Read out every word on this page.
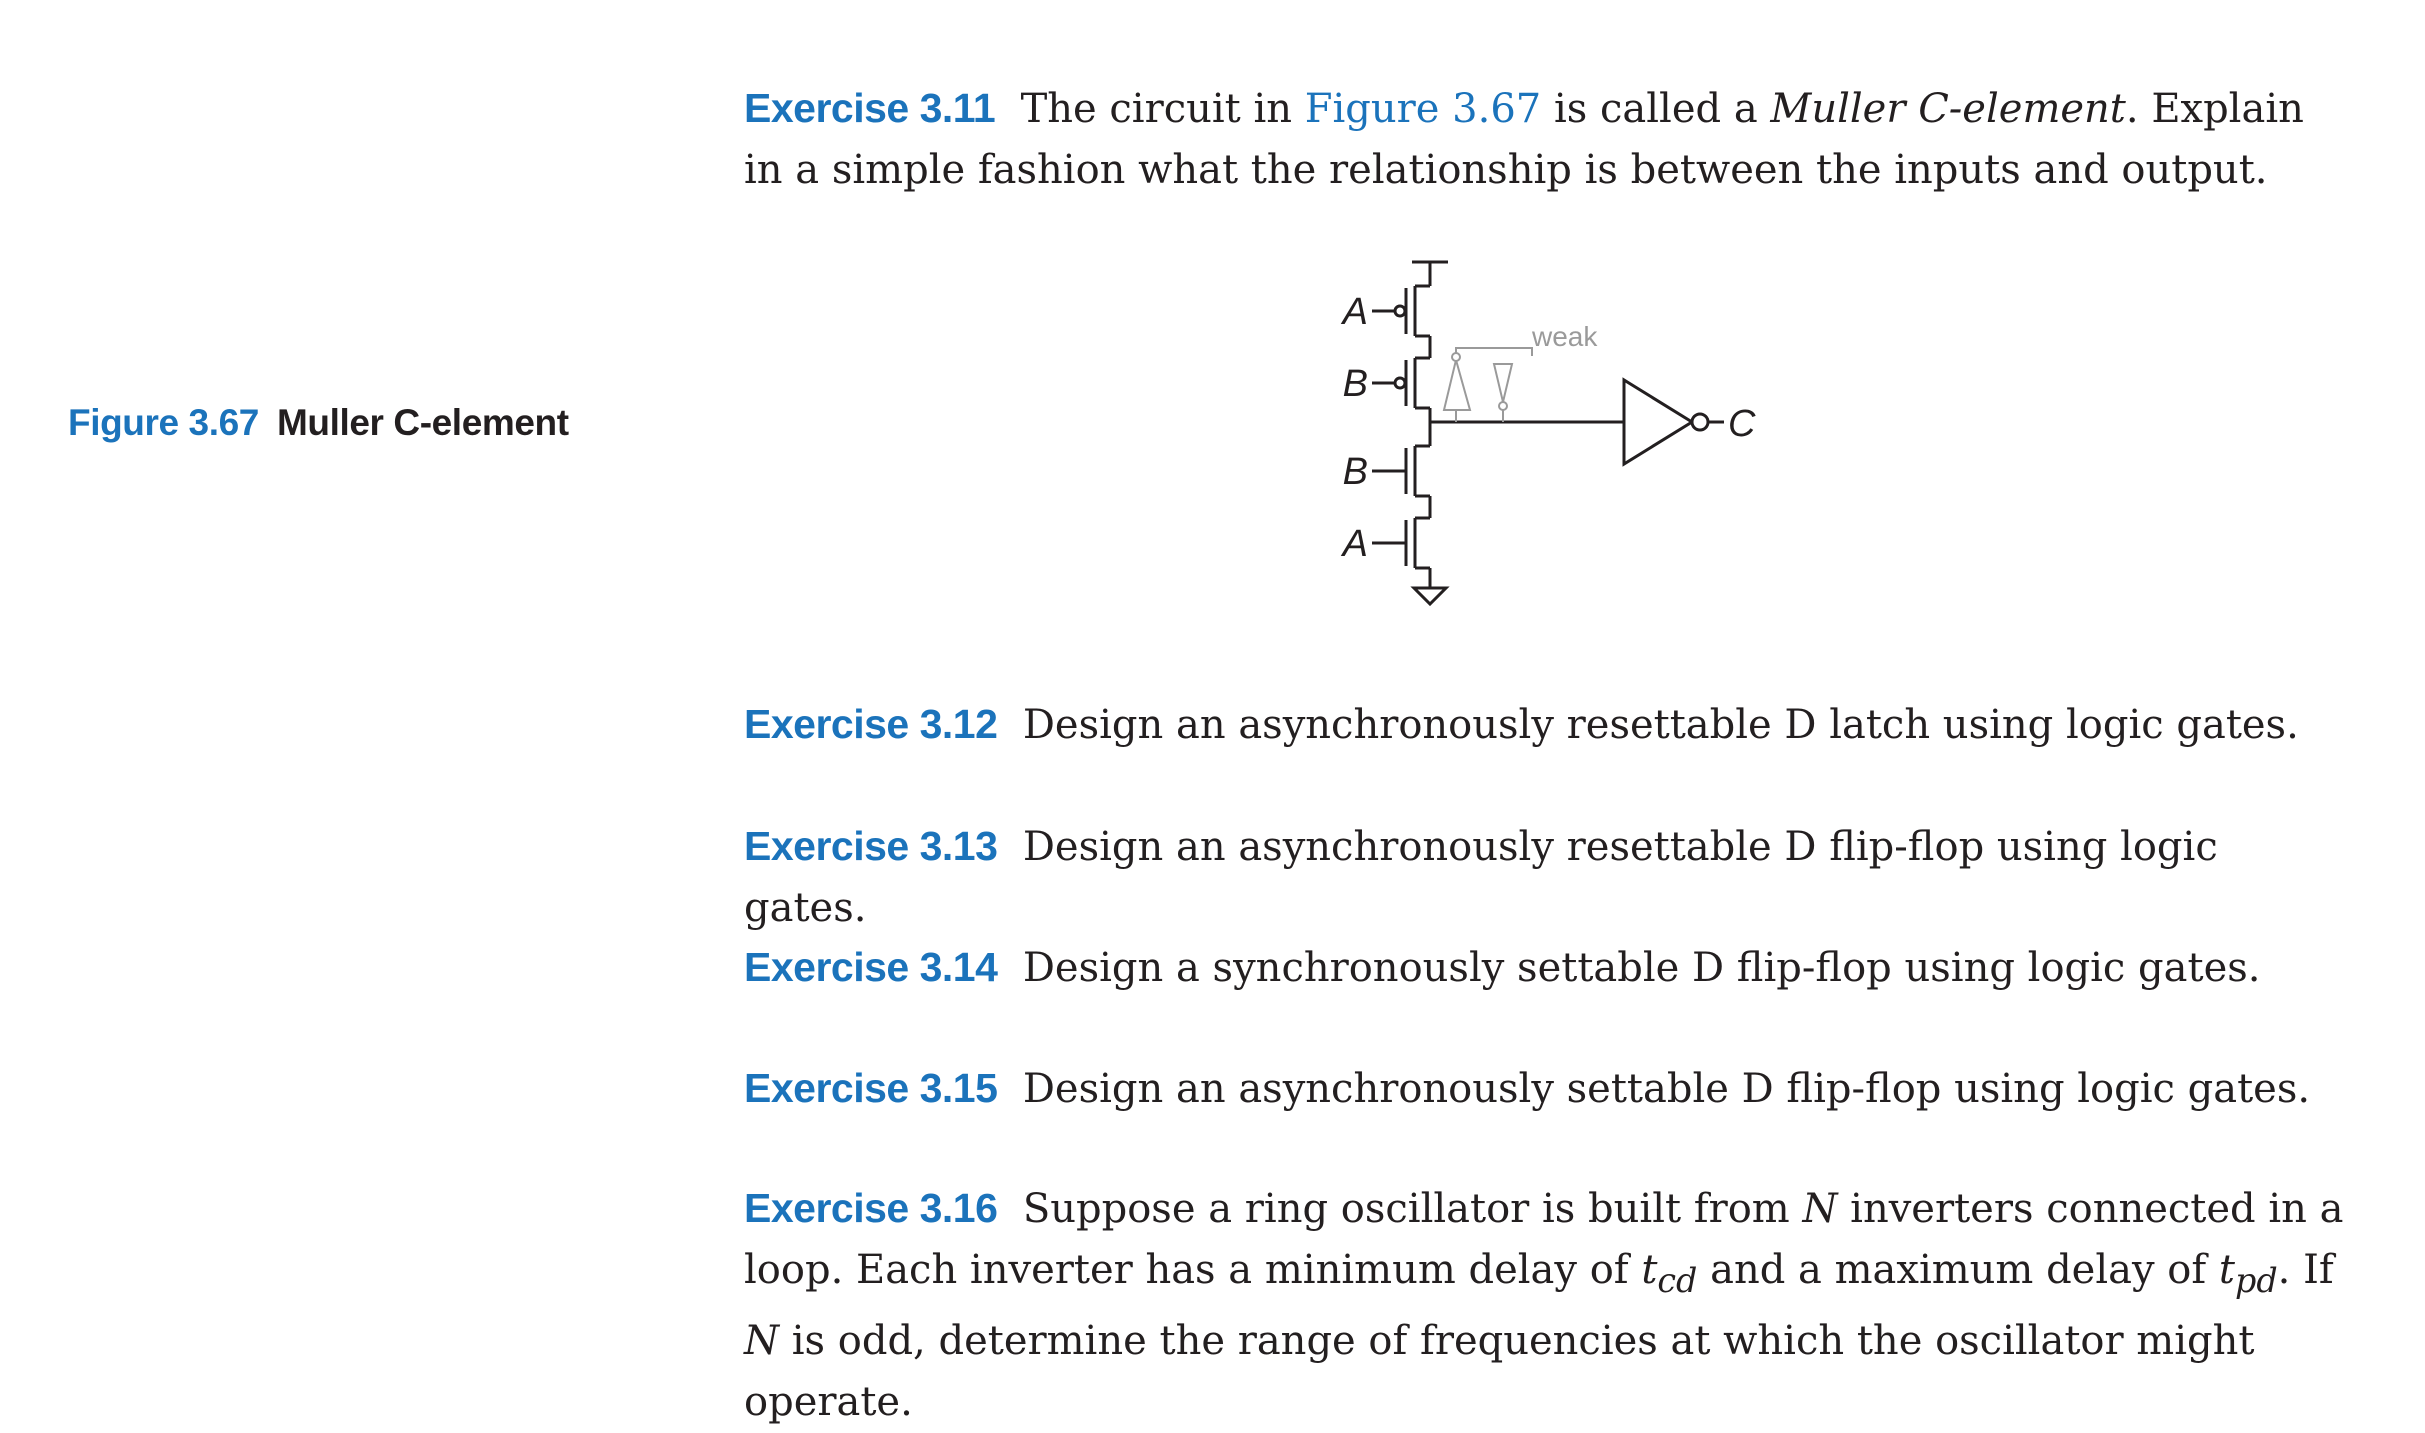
Exercise 3.11 The circuit in Figure 3.67 is called a Muller C-element. Explain in a simple fashion what the relationship is between the inputs and output.
Figure 3.67 Muller C-element
A
B
B
A
weak
C
Exercise 3.12 Design an asynchronously resettable D latch using logic gates.
Exercise 3.13 Design an asynchronously resettable D flip-flop using logic gates.
Exercise 3.14 Design a synchronously settable D flip-flop using logic gates.
Exercise 3.15 Design an asynchronously settable D flip-flop using logic gates.
Exercise 3.16 Suppose a ring oscillator is built from N inverters connected in a loop. Each inverter has a minimum delay of $t_{cd}$ and a maximum delay of $t_{pd}$. If N is odd, determine the range of frequencies at which the oscillator might operate.
